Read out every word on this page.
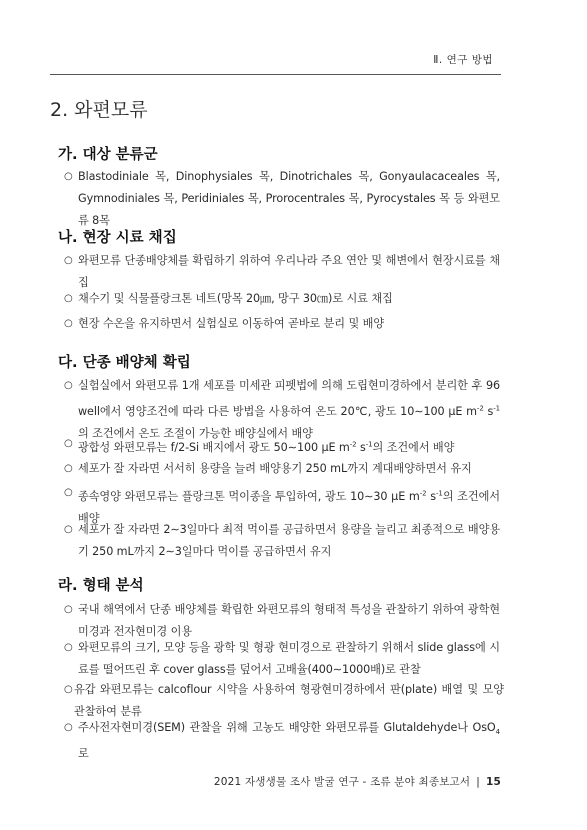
Ⅱ. 연구 방법
2. 와편모류
가. 대상 분류군
○ Blastodiniale 목, Dinophysiales 목, Dinotrichales 목, Gonyaulacaceales 목, Gymnodiniales 목, Peridiniales 목, Prorocentrales 목, Pyrocystales 목 등 와편모류 8목
나. 현장 시료 채집
○ 와편모류 단종배양체를 확립하기 위하여 우리나라 주요 연안 및 해변에서 현장시료를 채집
○ 채수기 및 식물플랑크톤 네트(망목 20㎛, 망구 30㎝)로 시료 채집
○ 현장 수온을 유지하면서 실험실로 이동하여 곧바로 분리 및 배양
다. 단종 배양체 확립
○ 실험실에서 와편모류 1개 세포를 미세관 피펫법에 의해 도립현미경하에서 분리한 후 96 well에서 영양조건에 따라 다른 방법을 사용하여 온도 20℃, 광도 10∼100 μE $m^{-2}$ $s^{-1}$의 조건에서 온도 조절이 가능한 배양실에서 배양
○ 광합성 와편모류는 f/2-Si 배지에서 광도 50∼100 μE $m^{-2}$ $s^{-1}$의 조건에서 배양
○ 세포가 잘 자라면 서서히 용량을 늘려 배양용기 250 mL까지 계대배양하면서 유지
○ 종속영양 와편모류는 플랑크톤 먹이종을 투입하여, 광도 10∼30 μE $m^{-2}$ $s^{-1}$의 조건에서 배양
○ 세포가 잘 자라면 2∼3일마다 최적 먹이를 공급하면서 용량을 늘리고 최종적으로 배양용기 250 mL까지 2∼3일마다 먹이를 공급하면서 유지
라. 형태 분석
○ 국내 해역에서 단종 배양체를 확립한 와편모류의 형태적 특성을 관찰하기 위하여 광학현미경과 전자현미경 이용
○ 와편모류의 크기, 모양 등을 광학 및 형광 현미경으로 관찰하기 위해서 slide glass에 시료를 떨어뜨린 후 cover glass를 덮어서 고배율(400∼1000배)로 관찰
○ 유갑 와편모류는 calcoflour 시약을 사용하여 형광현미경하에서 판(plate) 배열 및 모양 관찰하여 분류
○ 주사전자현미경(SEM) 관찰을 위해 고농도 배양한 와편모류를 Glutaldehyde나 OsO$_4$로
2021 자생생물 조사 발굴 연구 - 조류 분야 최종보고서 | 15
